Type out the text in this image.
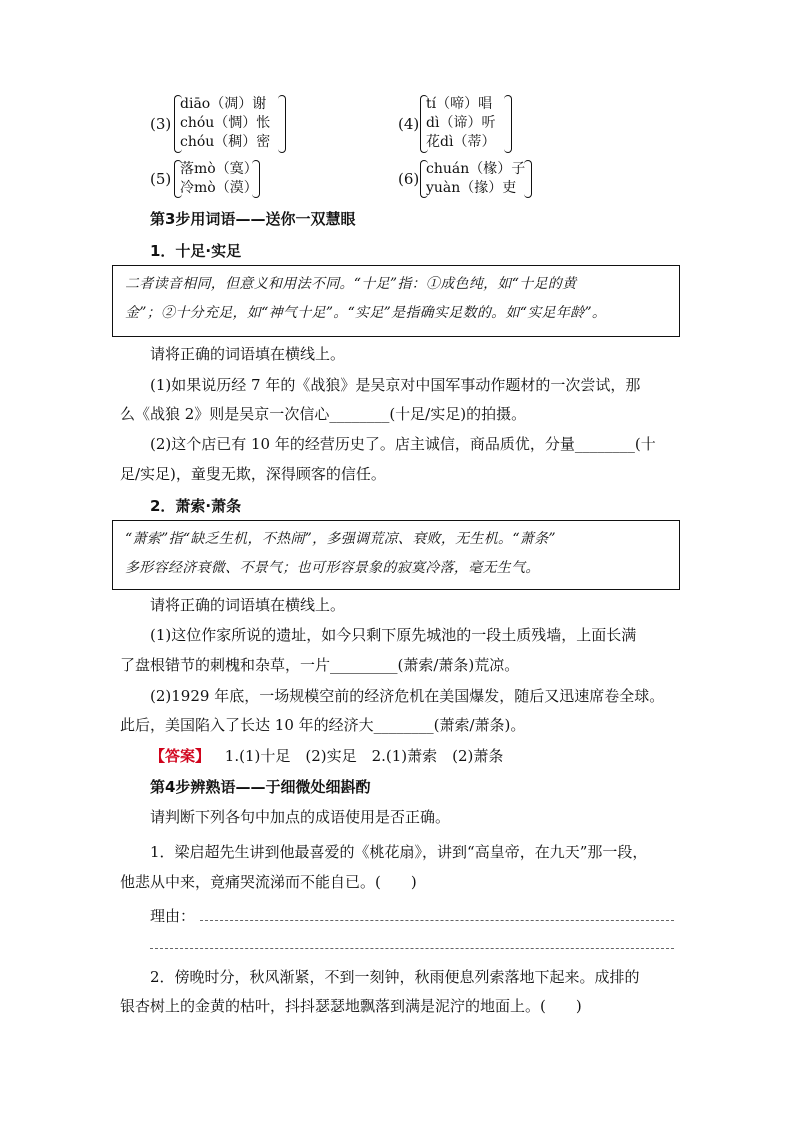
(3)
diāo（凋）谢
chóu（惆）怅
chóu（稠）密
(4)
tí（啼）唱
dì（谛）听
花dì（蒂）
(5)
落mò（寞）
冷mò（漠）	(6)
chuán（椽）子
yuàn（掾）吏
第3步用词语——送你一双慧眼
1．十足·实足
二者读音相同，但意义和用法不同。“十足”指：①成色纯，如“十足的黄
金”；②十分充足，如“神气十足”。“实足”是指确实足数的。如“实足年龄”。
请将正确的词语填在横线上。
(1)如果说历经 7 年的《战狼》是吴京对中国军事动作题材的一次尝试，那
么《战狼 2》则是吴京一次信心________(十足/实足)的拍摄。
(2)这个店已有 10 年的经营历史了。店主诚信，商品质优，分量________(十
足/实足)，童叟无欺，深得顾客的信任。
2．萧索·萧条
“萧索”指“缺乏生机，不热闹”，多强调荒凉、衰败，无生机。“萧条”
多形容经济衰微、不景气；也可形容景象的寂寞冷落，毫无生气。
请将正确的词语填在横线上。
(1)这位作家所说的遗址，如今只剩下原先城池的一段土质残墙，上面长满
了盘根错节的刺槐和杂草，一片_________(萧索/萧条)荒凉。
(2)1929 年底，一场规模空前的经济危机在美国爆发，随后又迅速席卷全球。
此后，美国陷入了长达 10 年的经济大________(萧索/萧条)。
【答案】 1.(1)十足　(2)实足　2.(1)萧索　(2)萧条
第4步辨熟语——于细微处细斟酌
请判断下列各句中加点的成语使用是否正确。
1．梁启超先生讲到他最喜爱的《桃花扇》，讲到“高皇帝，在九天”那一段，
他悲从中来，竟痛哭流涕而不能自已。(　　)
理由：
2．傍晚时分，秋风渐紧，不到一刻钟，秋雨便息列索落地下起来。成排的
银杏树上的金黄的枯叶，抖抖瑟瑟地飘落到满是泥泞的地面上。(　　)
